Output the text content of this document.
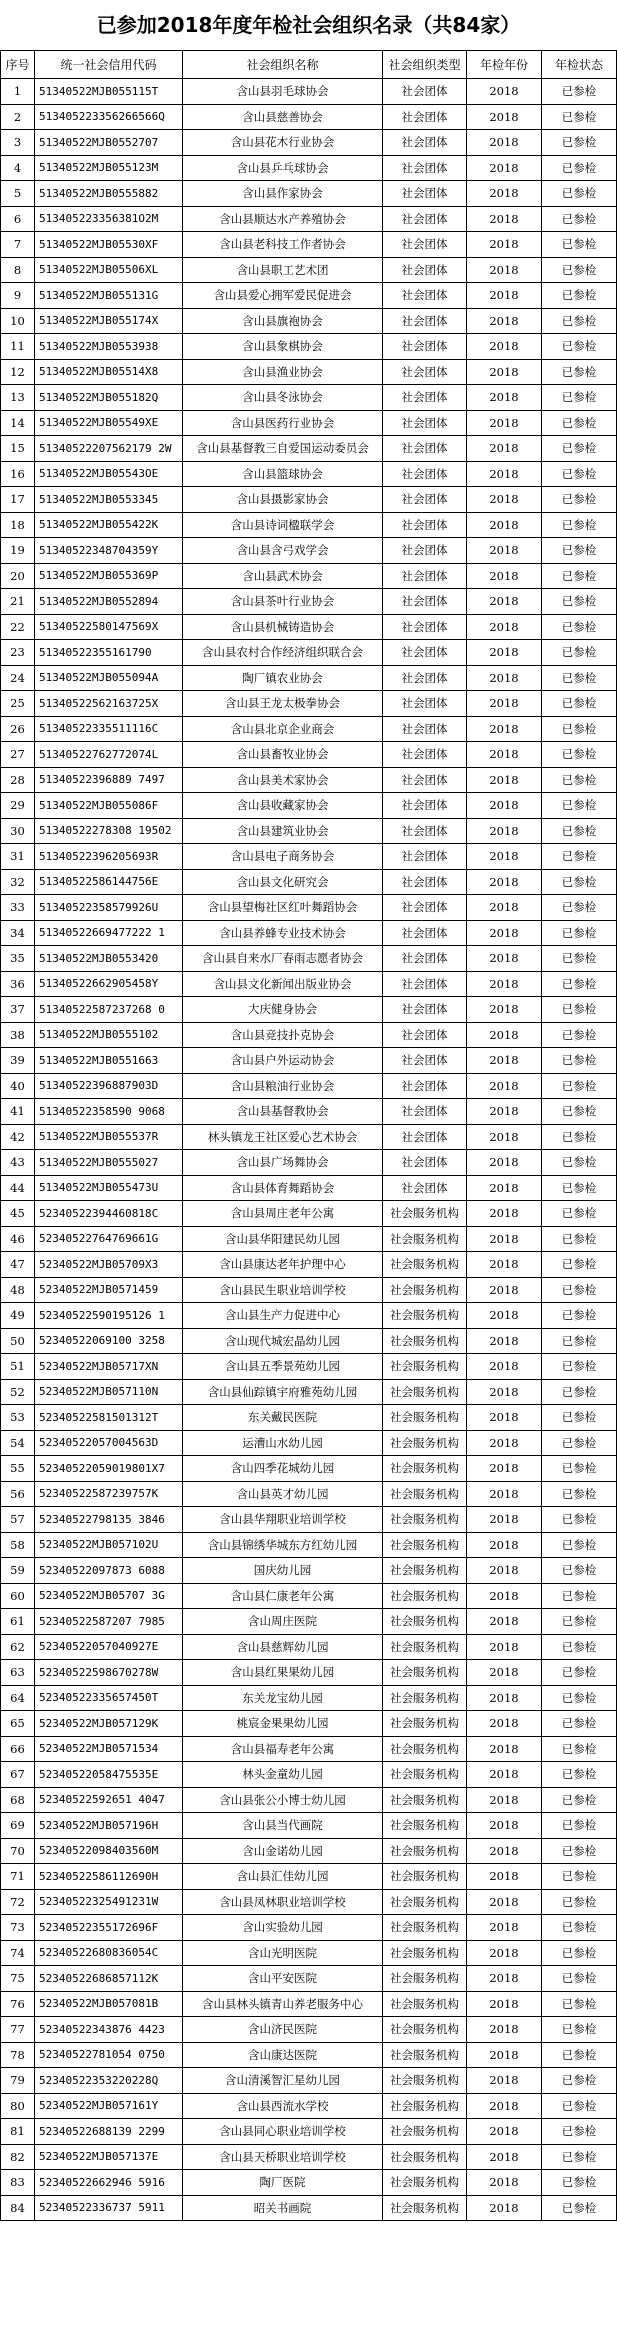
已参加2018年度年检社会组织名录（共84家）
序号	统一社会信用代码	社会组织名称	社会组织类型	年检年份	年检状态
1	51340522MJB055115T	含山县羽毛球协会	社会团体	2018	已参检
2	513405223356266566Q	含山县慈善协会	社会团体	2018	已参检
3	51340522MJB0552707	含山县花木行业协会	社会团体	2018	已参检
4	51340522MJB055123M	含山县乒乓球协会	社会团体	2018	已参检
5	51340522MJB0555882	含山县作家协会	社会团体	2018	已参检
6	513405223356381O2M	含山县顺达水产养殖协会	社会团体	2018	已参检
7	51340522MJB05530XF	含山县老科技工作者协会	社会团体	2018	已参检
8	51340522MJB05506XL	含山县职工艺术团	社会团体	2018	已参检
9	51340522MJB055131G	含山县爱心拥军爱民促进会	社会团体	2018	已参检
10	51340522MJB055174X	含山县旗袍协会	社会团体	2018	已参检
11	51340522MJB0553938	含山县象棋协会	社会团体	2018	已参检
12	51340522MJB05514X8	含山县渔业协会	社会团体	2018	已参检
13	51340522MJB055182Q	含山县冬泳协会	社会团体	2018	已参检
14	51340522MJB05549XE	含山县医药行业协会	社会团体	2018	已参检
15	51340522207562179 2W	含山县基督教三自爱国运动委员会	社会团体	2018	已参检
16	51340522MJB05543OE	含山县篮球协会	社会团体	2018	已参检
17	51340522MJB0553345	含山县摄影家协会	社会团体	2018	已参检
18	51340522MJB055422K	含山县诗词楹联学会	社会团体	2018	已参检
19	51340522348704359Y	含山县含弓戏学会	社会团体	2018	已参检
20	51340522MJB055369P	含山县武术协会	社会团体	2018	已参检
21	51340522MJB0552894	含山县茶叶行业协会	社会团体	2018	已参检
22	51340522580147569X	含山县机械铸造协会	社会团体	2018	已参检
23	51340522355161790	含山县农村合作经济组织联合会	社会团体	2018	已参检
24	51340522MJB055094A	陶厂镇农业协会	社会团体	2018	已参检
25	51340522562163725X	含山县王龙太极拳协会	社会团体	2018	已参检
26	51340522335511116C	含山县北京企业商会	社会团体	2018	已参检
27	51340522762772074L	含山县畜牧业协会	社会团体	2018	已参检
28	51340522396889 7497	含山县美术家协会	社会团体	2018	已参检
29	51340522MJB055086F	含山县收藏家协会	社会团体	2018	已参检
30	51340522278308 19502	含山县建筑业协会	社会团体	2018	已参检
31	51340522396205693R	含山县电子商务协会	社会团体	2018	已参检
32	51340522586144756E	含山县文化研究会	社会团体	2018	已参检
33	51340522358579926U	含山县望梅社区红叶舞蹈协会	社会团体	2018	已参检
34	51340522669477222 1	含山县养蜂专业技术协会	社会团体	2018	已参检
35	51340522MJB0553420	含山县自来水厂春雨志愿者协会	社会团体	2018	已参检
36	51340522662905458Y	含山县文化新闻出版业协会	社会团体	2018	已参检
37	51340522587237268 0	大庆健身协会	社会团体	2018	已参检
38	51340522MJB0555102	含山县竞技扑克协会	社会团体	2018	已参检
39	51340522MJB0551663	含山县户外运动协会	社会团体	2018	已参检
40	51340522396887903D	含山县粮油行业协会	社会团体	2018	已参检
41	51340522358590 9068	含山县基督教协会	社会团体	2018	已参检
42	51340522MJB055537R	林头镇龙王社区爱心艺术协会	社会团体	2018	已参检
43	51340522MJB0555027	含山县广场舞协会	社会团体	2018	已参检
44	51340522MJB055473U	含山县体育舞蹈协会	社会团体	2018	已参检
45	52340522394460818C	含山县周庄老年公寓	社会服务机构	2018	已参检
46	52340522764769661G	含山县华阳建民幼儿园	社会服务机构	2018	已参检
47	52340522MJB05709X3	含山县康达老年护理中心	社会服务机构	2018	已参检
48	52340522MJB0571459	含山县民生职业培训学校	社会服务机构	2018	已参检
49	52340522590195126 1	含山县生产力促进中心	社会服务机构	2018	已参检
50	52340522069100 3258	含山现代城宏晶幼儿园	社会服务机构	2018	已参检
51	52340522MJB05717XN	含山县五季景苑幼儿园	社会服务机构	2018	已参检
52	52340522MJB057110N	含山县仙踪镇宇府雅苑幼儿园	社会服务机构	2018	已参检
53	52340522581501312T	东关戴民医院	社会服务机构	2018	已参检
54	52340522057004563D	运漕山水幼儿园	社会服务机构	2018	已参检
55	52340522059019801X7	含山四季花城幼儿园	社会服务机构	2018	已参检
56	52340522587239757K	含山县英才幼儿园	社会服务机构	2018	已参检
57	52340522798135 3846	含山县华翔职业培训学校	社会服务机构	2018	已参检
58	52340522MJB057102U	含山县锦绣华城东方红幼儿园	社会服务机构	2018	已参检
59	52340522097873 6088	国庆幼儿园	社会服务机构	2018	已参检
60	52340522MJB05707 3G	含山县仁康老年公寓	社会服务机构	2018	已参检
61	52340522587207 7985	含山周庄医院	社会服务机构	2018	已参检
62	52340522057040927E	含山县慈辉幼儿园	社会服务机构	2018	已参检
63	52340522598670278W	含山县红果果幼儿园	社会服务机构	2018	已参检
64	52340522335657450T	东关龙宝幼儿园	社会服务机构	2018	已参检
65	52340522MJB057129K	桃宸金果果幼儿园	社会服务机构	2018	已参检
66	52340522MJB0571534	含山县福寿老年公寓	社会服务机构	2018	已参检
67	52340522058475535E	林头金童幼儿园	社会服务机构	2018	已参检
68	52340522592651 4047	含山县张公小博士幼儿园	社会服务机构	2018	已参检
69	52340522MJB057196H	含山县当代画院	社会服务机构	2018	已参检
70	52340522098403560M	含山金诺幼儿园	社会服务机构	2018	已参检
71	52340522586112690H	含山县汇佳幼儿园	社会服务机构	2018	已参检
72	52340522325491231W	含山县凤林职业培训学校	社会服务机构	2018	已参检
73	52340522355172696F	含山实验幼儿园	社会服务机构	2018	已参检
74	52340522680836054C	含山光明医院	社会服务机构	2018	已参检
75	52340522686857112K	含山平安医院	社会服务机构	2018	已参检
76	52340522MJB057081B	含山县林头镇青山养老服务中心	社会服务机构	2018	已参检
77	52340522343876 4423	含山济民医院	社会服务机构	2018	已参检
78	52340522781054 0750	含山康达医院	社会服务机构	2018	已参检
79	52340522353220228Q	含山清溪智汇星幼儿园	社会服务机构	2018	已参检
80	52340522MJB057161Y	含山县西流水学校	社会服务机构	2018	已参检
81	52340522688139 2299	含山县同心职业培训学校	社会服务机构	2018	已参检
82	52340522MJB057137E	含山县天桥职业培训学校	社会服务机构	2018	已参检
83	52340522662946 5916	陶厂医院	社会服务机构	2018	已参检
84	52340522336737 5911	昭关书画院	社会服务机构	2018	已参检
